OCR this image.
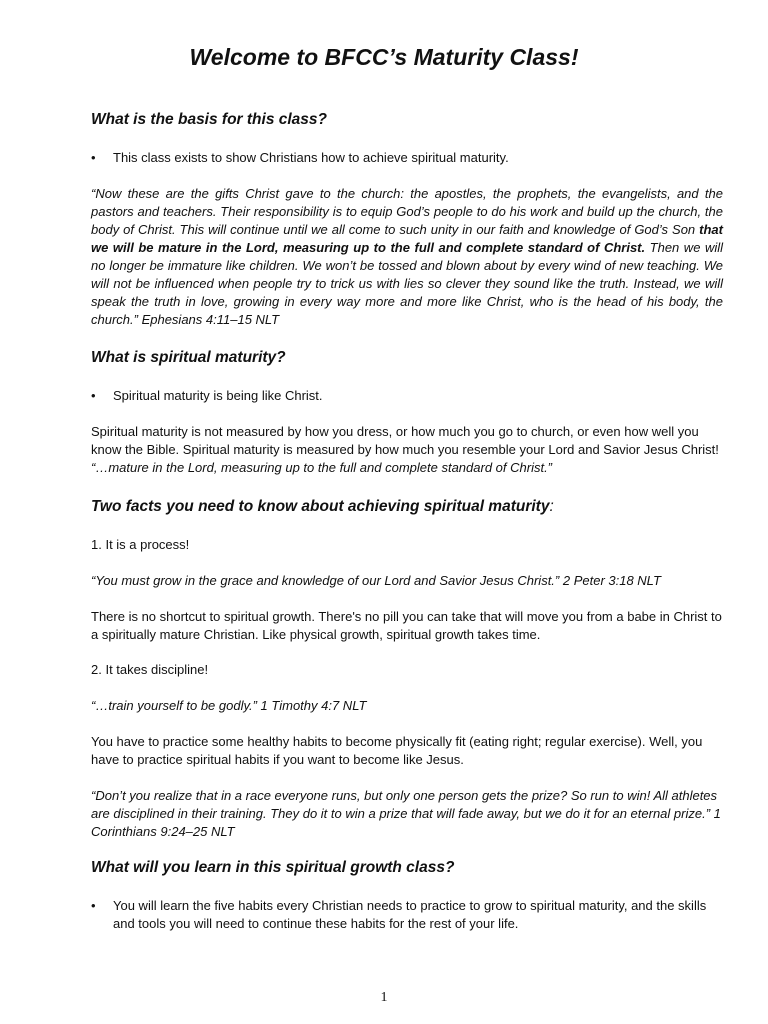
Welcome to BFCC’s Maturity Class!
What is the basis for this class?
• This class exists to show Christians how to achieve spiritual maturity.

“Now these are the gifts Christ gave to the church: the apostles, the prophets, the evangelists, and the pastors and teachers. Their responsibility is to equip God’s people to do his work and build up the church, the body of Christ. This will continue until we all come to such unity in our faith and knowledge of God’s Son that we will be mature in the Lord, measuring up to the full and complete standard of Christ. Then we will no longer be immature like children. We won’t be tossed and blown about by every wind of new teaching. We will not be influenced when people try to trick us with lies so clever they sound like the truth. Instead, we will speak the truth in love, growing in every way more and more like Christ, who is the head of his body, the church.” Ephesians 4:11–15 NLT

What is spiritual maturity?
• Spiritual maturity is being like Christ.

Spiritual maturity is not measured by how you dress, or how much you go to church, or even how well you know the Bible. Spiritual maturity is measured by how much you resemble your Lord and Savior Jesus Christ! “…mature in the Lord, measuring up to the full and complete standard of Christ.”

Two facts you need to know about achieving spiritual maturity:

1. It is a process!

“You must grow in the grace and knowledge of our Lord and Savior Jesus Christ.” 2 Peter 3:18 NLT

There is no shortcut to spiritual growth. There's no pill you can take that will move you from a babe in Christ to a spiritually mature Christian. Like physical growth, spiritual growth takes time.

2. It takes discipline!

“…train yourself to be godly.” 1 Timothy 4:7 NLT

You have to practice some healthy habits to become physically fit (eating right; regular exercise). Well, you have to practice spiritual habits if you want to become like Jesus.

“Don’t you realize that in a race everyone runs, but only one person gets the prize? So run to win! All athletes are disciplined in their training. They do it to win a prize that will fade away, but we do it for an eternal prize.” 1 Corinthians 9:24–25 NLT

What will you learn in this spiritual growth class?
• You will learn the five habits every Christian needs to practice to grow to spiritual maturity, and the skills and tools you will need to continue these habits for the rest of your life.
1
